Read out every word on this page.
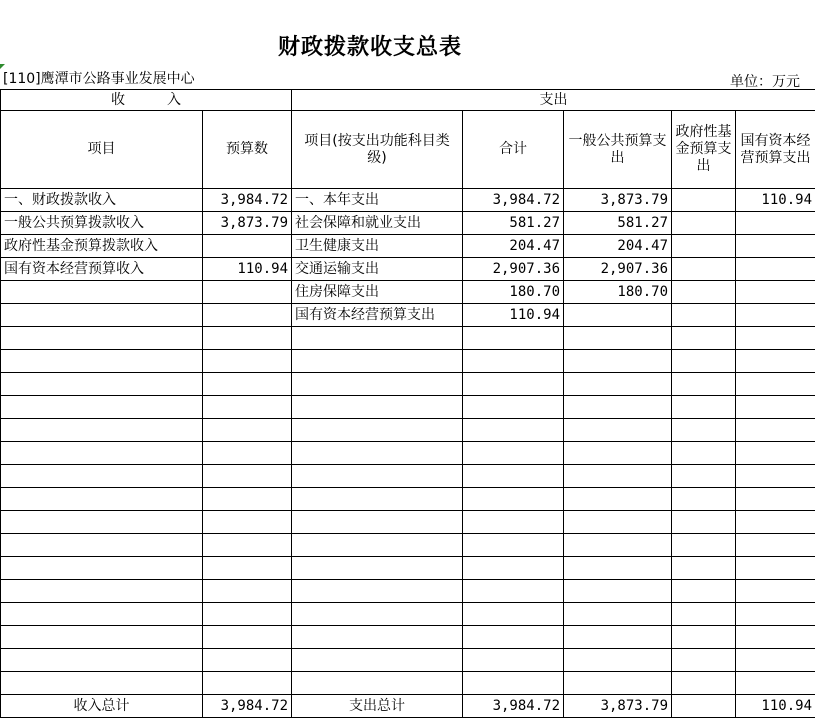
财政拨款收支总表
[110]鹰潭市公路事业发展中心	单位：万元
收　　　入		支出				
项目	预算数	项目(按支出功能科目类级)	合计	一般公共预算支出	政府性基金预算支出	国有资本经营预算支出
一、财政拨款收入	3,984.72	一、本年支出	3,984.72	3,873.79		110.94
一般公共预算拨款收入	3,873.79	社会保障和就业支出	581.27	581.27		
政府性基金预算拨款收入		卫生健康支出	204.47	204.47		
国有资本经营预算收入	110.94	交通运输支出	2,907.36	2,907.36		
		住房保障支出	180.70	180.70		
		国有资本经营预算支出	110.94			

收入总计	3,984.72	支出总计	3,984.72	3,873.79		110.94
